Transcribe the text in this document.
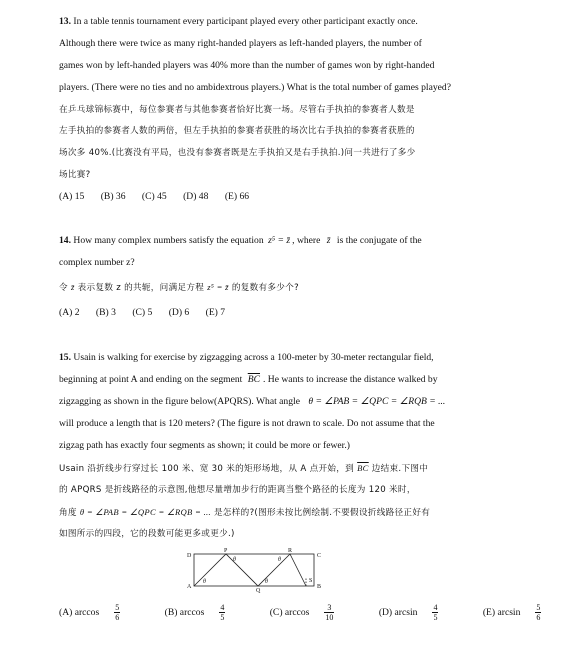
13. In a table tennis tournament every participant played every other participant exactly once.
Although there were twice as many right-handed players as left-handed players, the number of
games won by left-handed players was 40% more than the number of games won by right-handed
players. (There were no ties and no ambidextrous players.) What is the total number of games played?
在乒乓球锦标赛中，每位参赛者与其他参赛者恰好比赛一场。尽管右手执拍的参赛者人数是
左手执拍的参赛者人数的两倍，但左手执拍的参赛者获胜的场次比右手执拍的参赛者获胜的
场次多 40%.(比赛没有平局，也没有参赛者既是左手执拍又是右手执拍.)问一共进行了多少
场比赛?
(A) 15 (B) 36 (C) 45 (D) 48 (E) 66
14. How many complex numbers satisfy the equation z⁵ = z̄ , where z̄ is the conjugate of the
complex number z?
令 z̄ 表示复数 z 的共轭，问满足方程 z⁵ = z̄ 的复数有多少个?
(A) 2 (B) 3 (C) 5 (D) 6 (E) 7
15. Usain is walking for exercise by zigzagging across a 100-meter by 30-meter rectangular field,
beginning at point A and ending on the segment $\overline{BC}$ . He wants to increase the distance walked by
zigzagging as shown in the figure below(APQRS). What angle θ = ∠PAB = ∠QPC = ∠RQB = ...
will produce a length that is 120 meters? (The figure is not drawn to scale. Do not assume that the
zigzag path has exactly four segments as shown; it could be more or fewer.)
Usain 沿折线步行穿过长 100 米、宽 30 米的矩形场地，从 A 点开始，到 $\overline{BC}$ 边结束.下图中
的 APQRS 是折线路径的示意图,他想尽量增加步行的距离当整个路径的长度为 120 米时，
角度 θ = ∠PAB = ∠QPC = ∠RQB = ... 是怎样的?(图形未按比例绘制.不要假设折线路径正好有
如图所示的四段，它的段数可能更多或更少.)
D
P	R
C
A
Q
B
S
θ
θ
θ
θ
(A) $\arccos \frac{5}{6}$	(B) $\arccos \frac{4}{5}$	(C) $\arccos \frac{3}{10}$	(D) $\arcsin \frac{4}{5}$	(E) $\arcsin \frac{5}{6}$
